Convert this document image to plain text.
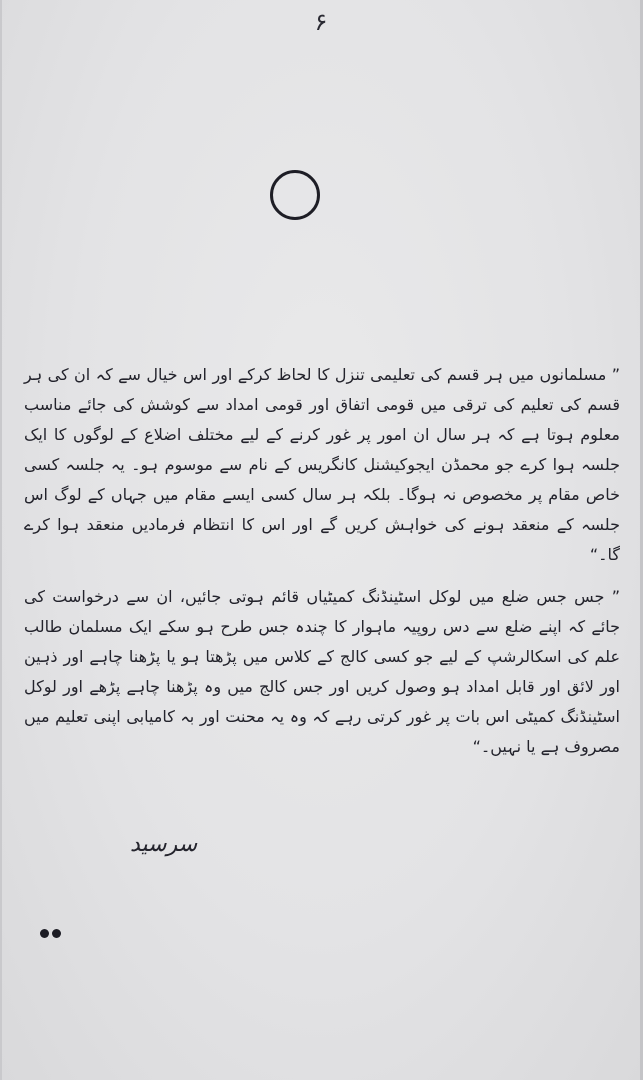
۶

” مسلمانوں میں ہر قسم کی تعلیمی تنزل کا لحاظ کرکے اور اس خیال سے کہ ان کی ہر قسم کی تعلیم کی ترقی میں قومی اتفاق اور قومی امداد سے کوشش کی جائے مناسب معلوم ہوتا ہے کہ ہر سال ان امور پر غور کرنے کے لیے مختلف اضلاع کے لوگوں کا ایک جلسہ ہوا کرے جو محمڈن ایجوکیشنل کانگریس کے نام سے موسوم ہو۔ یہ جلسہ کسی خاص مقام پر مخصوص نہ ہوگا۔ بلکہ ہر سال کسی ایسے مقام میں جہاں کے لوگ اس جلسہ کے منعقد ہونے کی خواہش کریں گے اور اس کا انتظام فرمادیں منعقد ہوا کرے گا۔“

” جس جس ضلع میں لوکل اسٹینڈنگ کمیٹیاں قائم ہوتی جائیں، ان سے درخواست کی جائے کہ اپنے ضلع سے دس روپیہ ماہوار کا چندہ جس طرح ہو سکے ایک مسلمان طالب علم کی اسکالرشپ کے لیے جو کسی کالج کے کلاس میں پڑھتا ہو یا پڑھنا چاہے اور ذہین اور لائق اور قابل امداد ہو وصول کریں اور جس کالج میں وہ پڑھنا چاہے پڑھے اور لوکل اسٹینڈنگ کمیٹی اس بات پر غور کرتی رہے کہ وہ یہ محنت اور بہ کامیابی اپنی تعلیم میں مصروف ہے یا نہیں۔“

سرسید
